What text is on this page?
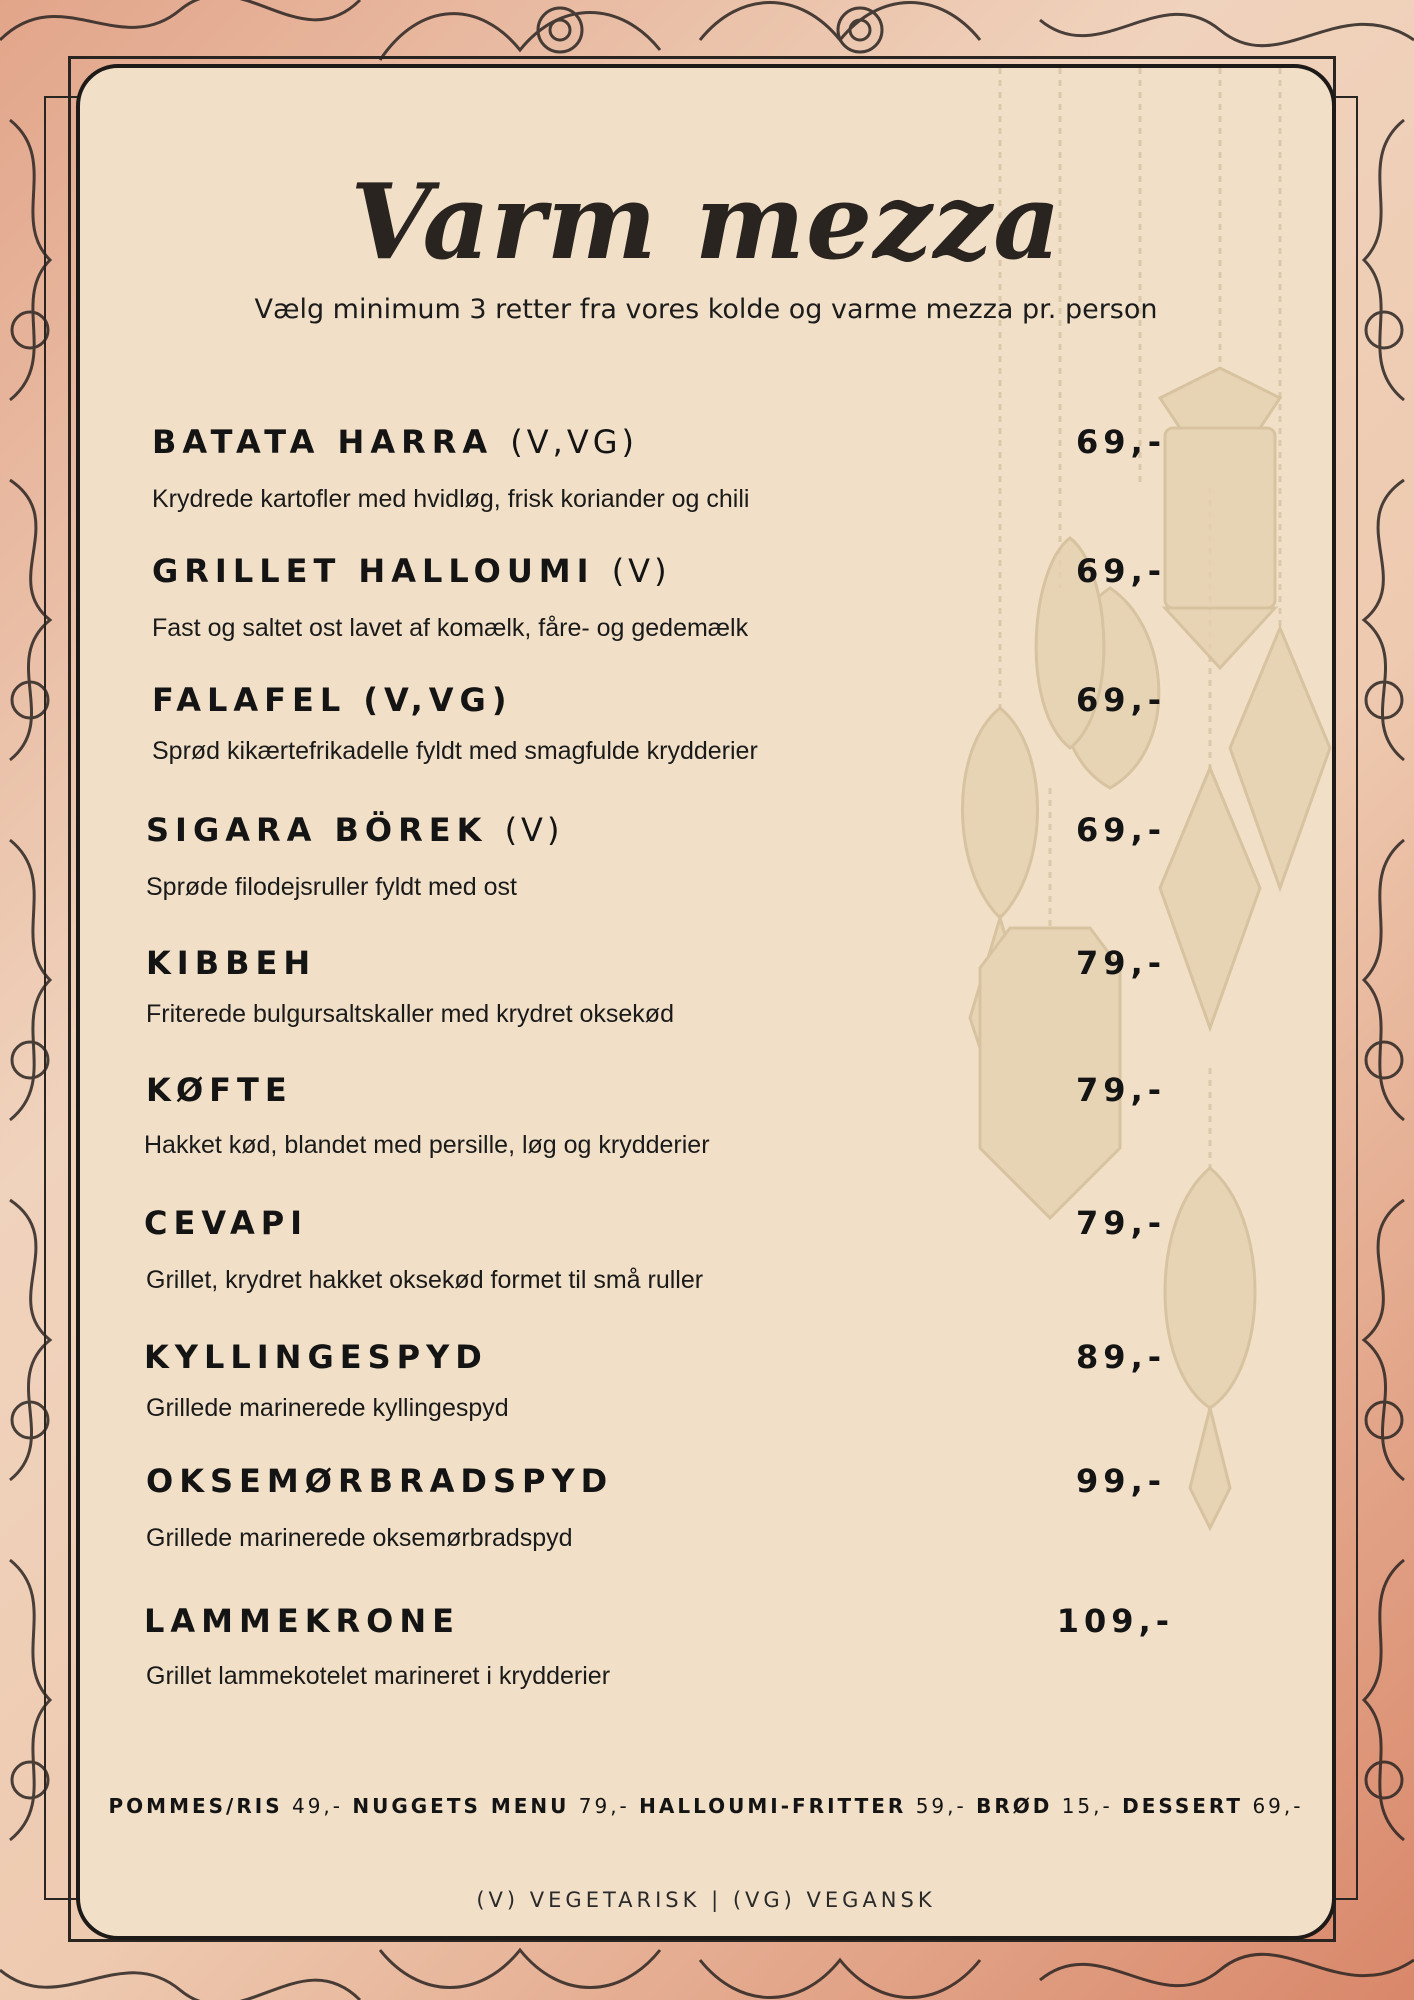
Varm mezza
Vælg minimum 3 retter fra vores kolde og varme mezza pr. person
BATATA HARRA (V,VG)	69,-
Krydrede kartofler med hvidløg, frisk koriander og chili
GRILLET HALLOUMI (V)	69,-
Fast og saltet ost lavet af komælk, fåre- og gedemælk
FALAFEL (V,VG)	69,-
Sprød kikærtefrikadelle fyldt med smagfulde krydderier
SIGARA BÖREK (V)	69,-
Sprøde filodejsruller fyldt med ost
KIBBEH	79,-
Friterede bulgursaltskaller med krydret oksekød
KØFTE	79,-
Hakket kød, blandet med persille, løg og krydderier
CEVAPI	79,-
Grillet, krydret hakket oksekød formet til små ruller
KYLLINGESPYD	89,-
Grillede marinerede kyllingespyd
OKSEMØRBRADSPYD	99,-
Grillede marinerede oksemørbradspyd
LAMMEKRONE	109,-
Grillet lammekotelet marineret i krydderier
POMMES/RIS 49,- NUGGETS MENU 79,- HALLOUMI-FRITTER 59,- BRØD 15,- DESSERT 69,-
(V) VEGETARISK | (VG) VEGANSK
